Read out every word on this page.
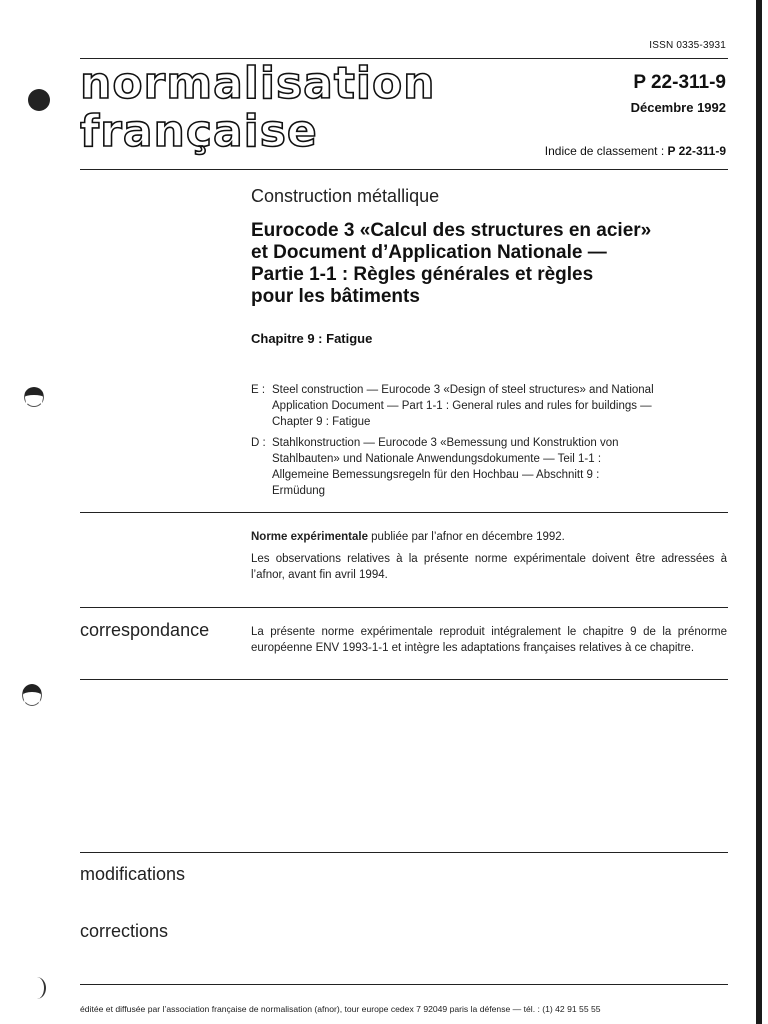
ISSN 0335-3931
normalisation
française
P 22-311-9
Décembre 1992
Indice de classement : P 22-311-9
Construction métallique
Eurocode 3 «Calcul des structures en acier»
et Document d’Application Nationale —
Partie 1-1 : Règles générales et règles
pour les bâtiments
Chapitre 9 : Fatigue
E : Steel construction — Eurocode 3 «Design of steel structures» and National
Application Document — Part 1-1 : General rules and rules for buildings —
Chapter 9 : Fatigue
D : Stahlkonstruction — Eurocode 3 «Bemessung und Konstruktion von
Stahlbauten» und Nationale Anwendungsdokumente — Teil 1-1 :
Allgemeine Bemessungsregeln für den Hochbau — Abschnitt 9 :
Ermüdung
Norme expérimentale publiée par l’afnor en décembre 1992.
Les observations relatives à la présente norme expérimentale doivent être adressées à l’afnor, avant fin avril 1994.
correspondance	La présente norme expérimentale reproduit intégralement le chapitre 9 de la prénorme européenne ENV 1993-1-1 et intègre les adaptations françaises relatives à ce chapitre.
modifications
corrections
éditée et diffusée par l’association française de normalisation (afnor), tour europe cedex 7 92049 paris la défense — tél. : (1) 42 91 55 55
